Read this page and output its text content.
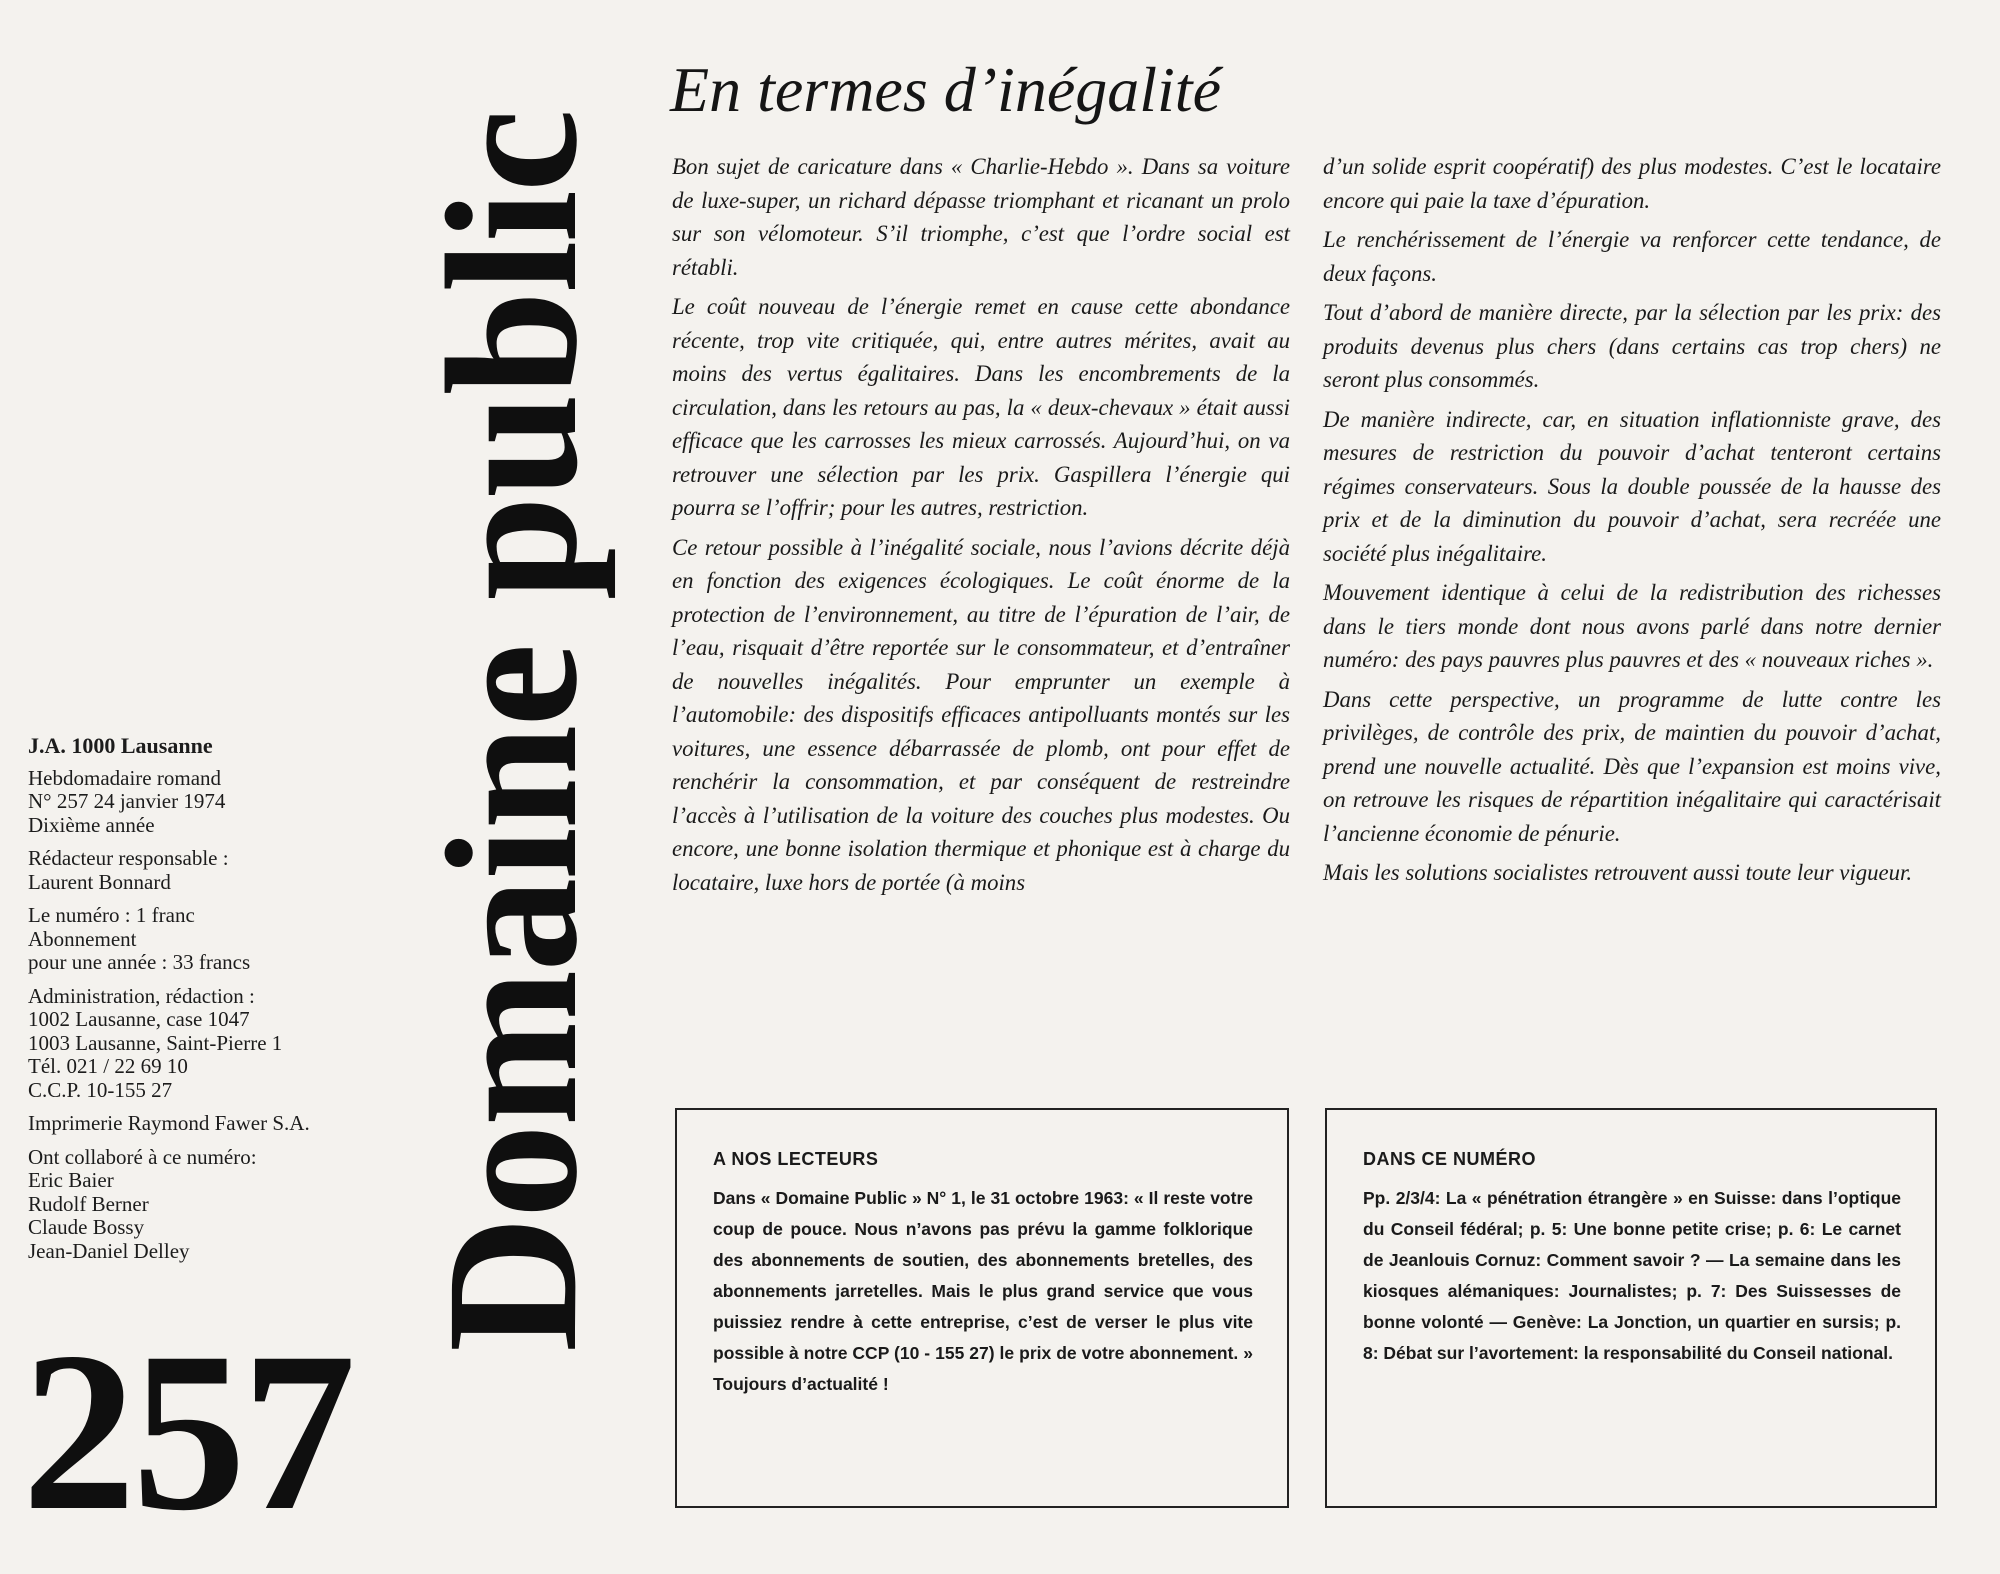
J.A. 1000 Lausanne
Hebdomadaire romand
N° 257 24 janvier 1974
Dixième année
Rédacteur responsable :
Laurent Bonnard
Le numéro : 1 franc
Abonnement
pour une année : 33 francs
Administration, rédaction :
1002 Lausanne, case 1047
1003 Lausanne, Saint-Pierre 1
Tél. 021 / 22 69 10
C.C.P. 10-155 27
Imprimerie Raymond Fawer S.A.
Ont collaboré à ce numéro:
Eric Baier
Rudolf Berner
Claude Bossy
Jean-Daniel Delley
257
Domaine public
En termes d’inégalité

Bon sujet de caricature dans « Charlie-Hebdo ». Dans sa voiture de luxe-super, un richard dépasse triomphant et ricanant un prolo sur son vélomoteur. S’il triomphe, c’est que l’ordre social est rétabli.

Le coût nouveau de l’énergie remet en cause cette abondance récente, trop vite critiquée, qui, entre autres mérites, avait au moins des vertus égalitaires. Dans les encombrements de la circulation, dans les retours au pas, la « deux-chevaux » était aussi efficace que les carrosses les mieux carrossés. Aujourd’hui, on va retrouver une sélection par les prix. Gaspillera l’énergie qui pourra se l’offrir; pour les autres, restriction.

Ce retour possible à l’inégalité sociale, nous l’avions décrite déjà en fonction des exigences écologiques. Le coût énorme de la protection de l’environnement, au titre de l’épuration de l’air, de l’eau, risquait d’être reportée sur le consommateur, et d’entraîner de nouvelles inégalités. Pour emprunter un exemple à l’automobile: des dispositifs efficaces antipolluants montés sur les voitures, une essence débarrassée de plomb, ont pour effet de renchérir la consommation, et par conséquent de restreindre l’accès à l’utilisation de la voiture des couches plus modestes. Ou encore, une bonne isolation thermique et phonique est à charge du locataire, luxe hors de portée (à moins

d’un solide esprit coopératif) des plus modestes. C’est le locataire encore qui paie la taxe d’épuration.

Le renchérissement de l’énergie va renforcer cette tendance, de deux façons.

Tout d’abord de manière directe, par la sélection par les prix: des produits devenus plus chers (dans certains cas trop chers) ne seront plus consommés.

De manière indirecte, car, en situation inflationniste grave, des mesures de restriction du pouvoir d’achat tenteront certains régimes conservateurs. Sous la double poussée de la hausse des prix et de la diminution du pouvoir d’achat, sera recréée une société plus inégalitaire.

Mouvement identique à celui de la redistribution des richesses dans le tiers monde dont nous avons parlé dans notre dernier numéro: des pays pauvres plus pauvres et des « nouveaux riches ».

Dans cette perspective, un programme de lutte contre les privilèges, de contrôle des prix, de maintien du pouvoir d’achat, prend une nouvelle actualité. Dès que l’expansion est moins vive, on retrouve les risques de répartition inégalitaire qui caractérisait l’ancienne économie de pénurie.

Mais les solutions socialistes retrouvent aussi toute leur vigueur.

A NOS LECTEURS

Dans « Domaine Public » N° 1, le 31 octobre 1963: « Il reste votre coup de pouce. Nous n’avons pas prévu la gamme folklorique des abonnements de soutien, des abonnements bretelles, des abonnements jarretelles. Mais le plus grand service que vous puissiez rendre à cette entreprise, c’est de verser le plus vite possible à notre CCP (10 - 155 27) le prix de votre abonnement. » Toujours d’actualité !

DANS CE NUMÉRO

Pp. 2/3/4: La « pénétration étrangère » en Suisse: dans l’optique du Conseil fédéral; p. 5: Une bonne petite crise; p. 6: Le carnet de Jeanlouis Cornuz: Comment savoir ? — La semaine dans les kiosques alémaniques: Journalistes; p. 7: Des Suissesses de bonne volonté — Genève: La Jonction, un quartier en sursis; p. 8: Débat sur l’avortement: la responsabilité du Conseil national.
